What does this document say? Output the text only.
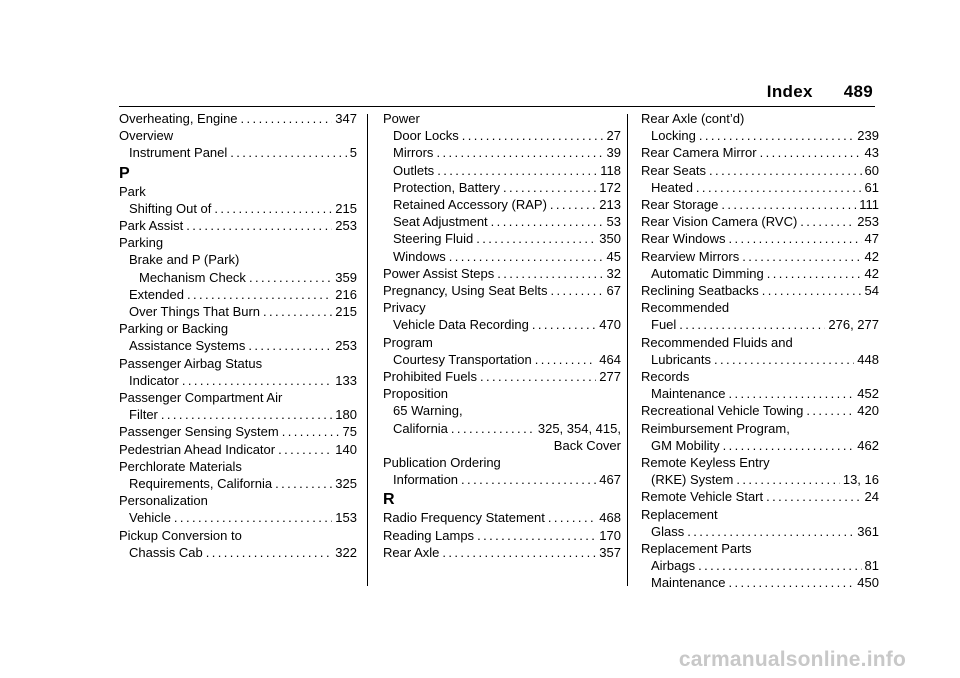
Index 489
Overheating, Engine .....	347
Overview
Instrument Panel .....	5
P
Park
Shifting Out of .....	215
Park Assist .....	253
Parking
Brake and P (Park)
Mechanism Check .....	359
Extended .....	216
Over Things That Burn .....	215
Parking or Backing
Assistance Systems .....	253
Passenger Airbag Status
Indicator .....	133
Passenger Compartment Air
Filter .....	180
Passenger Sensing System .....	75
Pedestrian Ahead Indicator .....	140
Perchlorate Materials
Requirements, California .....	325
Personalization
Vehicle .....	153
Pickup Conversion to
Chassis Cab .....	322
Power
Door Locks .....	27
Mirrors .....	39
Outlets .....	118
Protection, Battery .....	172
Retained Accessory (RAP) .....	213
Seat Adjustment .....	53
Steering Fluid .....	350
Windows .....	45
Power Assist Steps .....	32
Pregnancy, Using Seat Belts .....	67
Privacy
Vehicle Data Recording .....	470
Program
Courtesy Transportation .....	464
Prohibited Fuels .....	277
Proposition
65 Warning,
California .....	325, 354, 415,
Back Cover
Publication Ordering
Information .....	467
R
Radio Frequency Statement .....	468
Reading Lamps .....	170
Rear Axle .....	357
Rear Axle (cont’d)
Locking .....	239
Rear Camera Mirror .....	43
Rear Seats .....	60
Heated .....	61
Rear Storage .....	111
Rear Vision Camera (RVC) .....	253
Rear Windows .....	47
Rearview Mirrors .....	42
Automatic Dimming .....	42
Reclining Seatbacks .....	54
Recommended
Fuel .....	276, 277
Recommended Fluids and
Lubricants .....	448
Records
Maintenance .....	452
Recreational Vehicle Towing .....	420
Reimbursement Program,
GM Mobility .....	462
Remote Keyless Entry
(RKE) System .....	13, 16
Remote Vehicle Start .....	24
Replacement
Glass .....	361
Replacement Parts
Airbags .....	81
Maintenance .....	450
carmanualsonline.info
